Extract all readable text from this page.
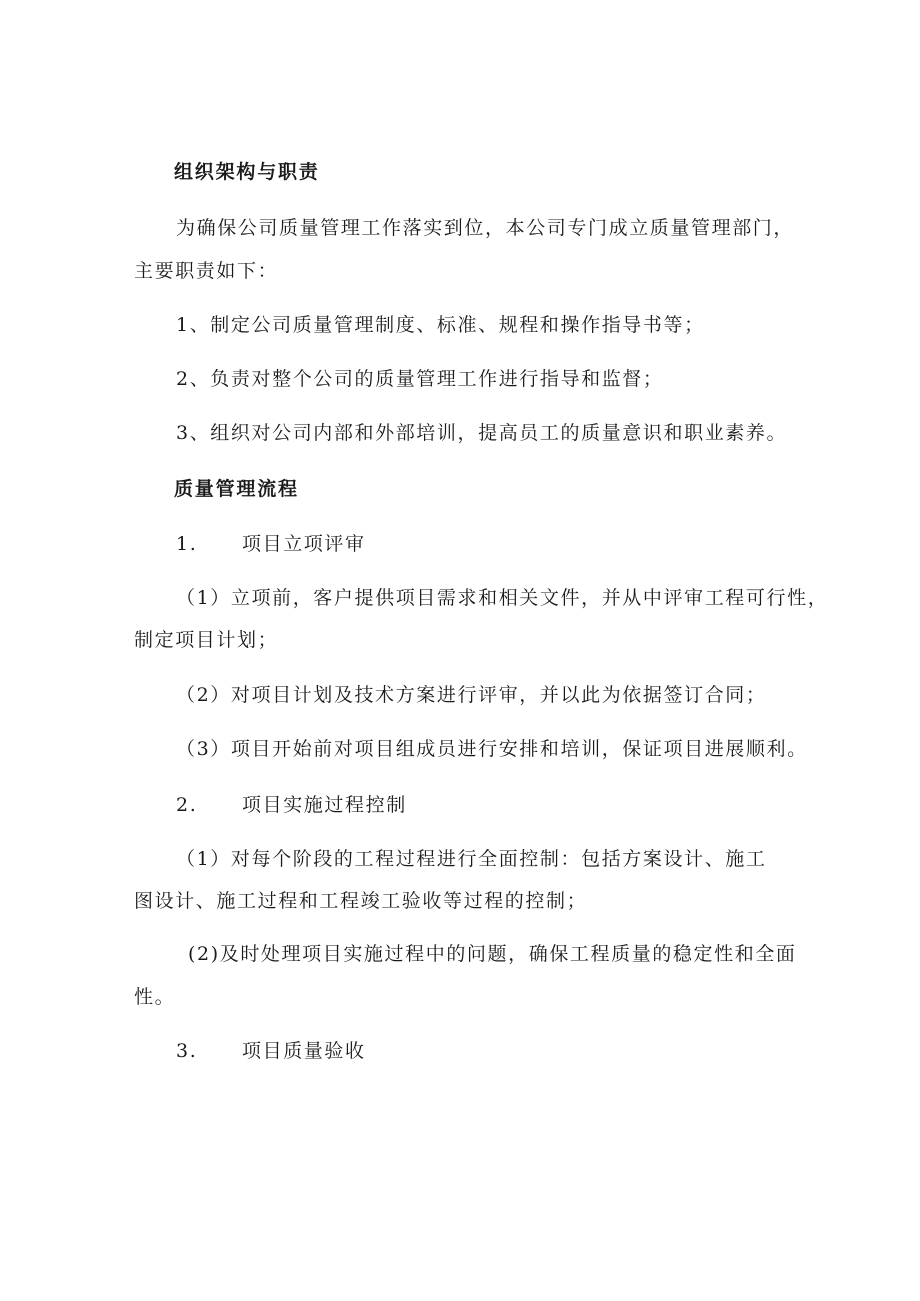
组织架构与职责
为确保公司质量管理工作落实到位，本公司专门成立质量管理部门，
主要职责如下：
1、制定公司质量管理制度、标准、规程和操作指导书等；
2、负责对整个公司的质量管理工作进行指导和监督；
3、组织对公司内部和外部培训，提高员工的质量意识和职业素养。
质量管理流程
1. 项目立项评审
（1）立项前，客户提供项目需求和相关文件，并从中评审工程可行性，
制定项目计划；
（2）对项目计划及技术方案进行评审，并以此为依据签订合同；
（3）项目开始前对项目组成员进行安排和培训，保证项目进展顺利。
2. 项目实施过程控制
（1）对每个阶段的工程过程进行全面控制：包括方案设计、施工
图设计、施工过程和工程竣工验收等过程的控制；
(2)及时处理项目实施过程中的问题，确保工程质量的稳定性和全面
性。
3. 项目质量验收
